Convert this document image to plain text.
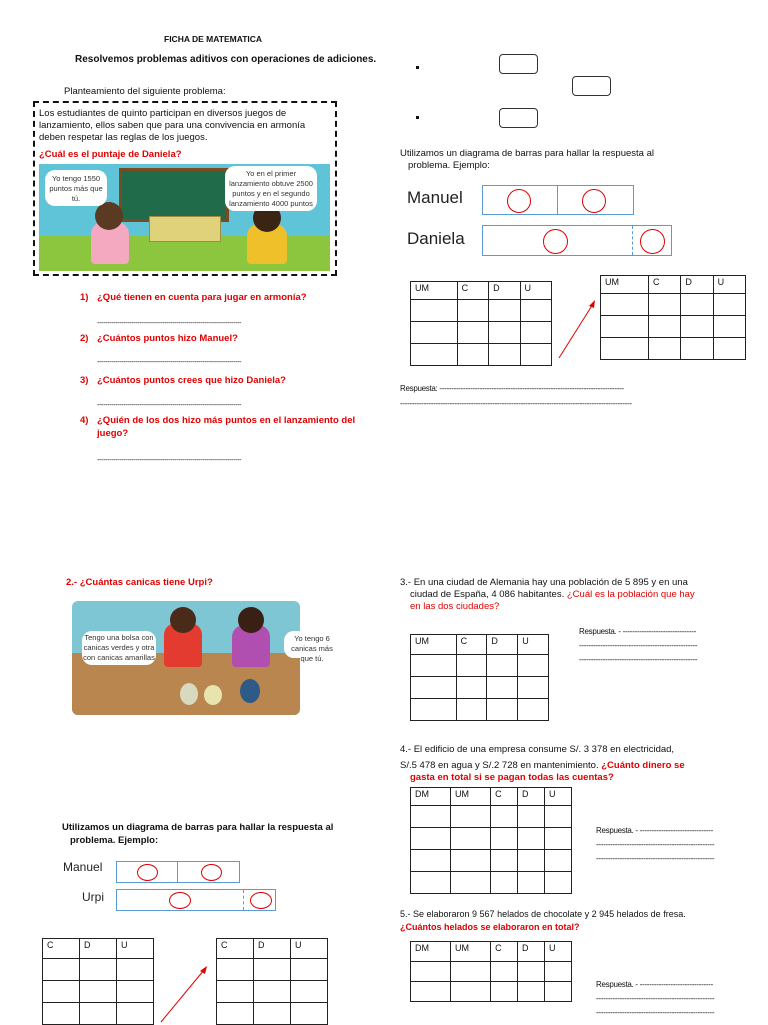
FICHA DE MATEMATICA
Resolvemos problemas aditivos con operaciones de adiciones.
Planteamiento del siguiente problema:
Los estudiantes de quinto participan en diversos juegos de
lanzamiento, ellos saben que para una convivencia en armonía
deben respetar las reglas de los juegos.
¿Cuál es el puntaje de Daniela?
Yo tengo 1550 puntos más que tú.
Yo en el primer lanzamiento obtuve 2500 puntos y en el segundo lanzamiento 4000 puntos
1) ¿Qué tienen en cuenta para jugar en armonía?
-----------------------------------------------------------------------
2) ¿Cuántos puntos hizo Manuel?
-----------------------------------------------------------------------
3) ¿Cuántos puntos crees que hizo Daniela?
-----------------------------------------------------------------------
4) ¿Quién de los dos hizo más puntos en el lanzamiento del
juego?
-----------------------------------------------------------------------
Utilizamos un diagrama de barras para hallar la respuesta al
problema. Ejemplo:
Manuel
Daniela
UM	C	D	U

UM	C	D	U

Respuesta: ------------------------------------------------------------------------------
--------------------------------------------------------------------------------------------------
2.- ¿Cuántas canicas tiene Urpi?
Tengo una bolsa con canicas verdes y otra con canicas amarillas
Yo tengo 6 canicas más que tú.
Utilizamos un diagrama de barras para hallar la respuesta al
problema. Ejemplo:
Manuel
Urpi
C	D	U

			C	D	U

3.- En una ciudad de Alemania hay una población de 5 895 y en una
ciudad de España, 4 086 habitantes. ¿Cuál es la población que hay
en las dos ciudades?
UM	C	D	U

Respuesta. - -------------------------------
--------------------------------------------------
--------------------------------------------------
4.- El edificio de una empresa consume S/. 3 378 en electricidad,
S/.5 478 en agua y S/.2 728 en mantenimiento. ¿Cuánto dinero se
gasta en total si se pagan todas las cuentas?
DM	UM	C	D	U

Respuesta. - -------------------------------
--------------------------------------------------
--------------------------------------------------
5.- Se elaboraron 9 567 helados de chocolate y 2 945 helados de fresa.
¿Cuántos helados se elaboraron en total?
DM	UM	C	D	U

Respuesta. - -------------------------------
--------------------------------------------------
--------------------------------------------------
